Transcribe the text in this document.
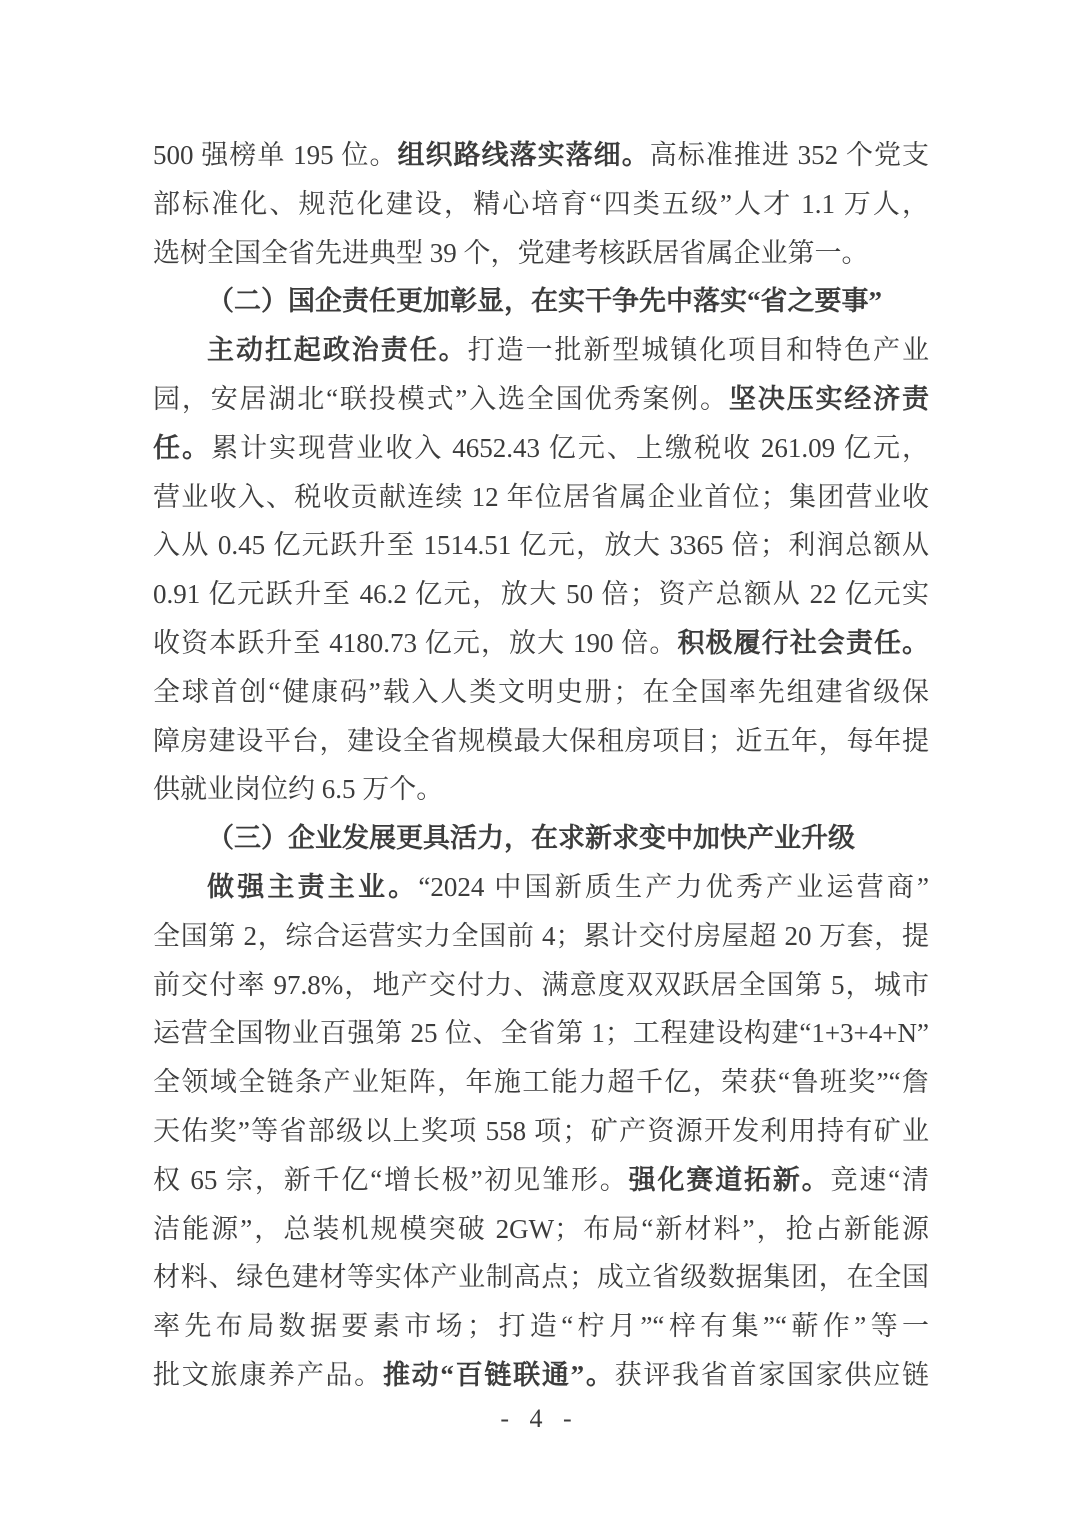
500 强榜单 195 位。组织路线落实落细。高标准推进 352 个党支
部标准化、规范化建设，精心培育“四类五级”人才 1.1 万人，
选树全国全省先进典型 39 个，党建考核跃居省属企业第一。
（二）国企责任更加彰显，在实干争先中落实“省之要事”
主动扛起政治责任。打造一批新型城镇化项目和特色产业
园，安居湖北“联投模式”入选全国优秀案例。坚决压实经济责
任。累计实现营业收入 4652.43 亿元、上缴税收 261.09 亿元，
营业收入、税收贡献连续 12 年位居省属企业首位；集团营业收
入从 0.45 亿元跃升至 1514.51 亿元，放大 3365 倍；利润总额从
0.91 亿元跃升至 46.2 亿元，放大 50 倍；资产总额从 22 亿元实
收资本跃升至 4180.73 亿元，放大 190 倍。积极履行社会责任。
全球首创“健康码”载入人类文明史册；在全国率先组建省级保
障房建设平台，建设全省规模最大保租房项目；近五年，每年提
供就业岗位约 6.5 万个。
（三）企业发展更具活力，在求新求变中加快产业升级
做强主责主业。“2024 中国新质生产力优秀产业运营商”
全国第 2，综合运营实力全国前 4；累计交付房屋超 20 万套，提
前交付率 97.8%，地产交付力、满意度双双跃居全国第 5，城市
运营全国物业百强第 25 位、全省第 1；工程建设构建“1+3+4+N”
全领域全链条产业矩阵，年施工能力超千亿，荣获“鲁班奖”“詹
天佑奖”等省部级以上奖项 558 项；矿产资源开发利用持有矿业
权 65 宗，新千亿“增长极”初见雏形。强化赛道拓新。竞速“清
洁能源”，总装机规模突破 2GW；布局“新材料”，抢占新能源
材料、绿色建材等实体产业制高点；成立省级数据集团，在全国
率先布局数据要素市场；打造“柠月”“梓有集”“蕲作”等一
批文旅康养产品。推动“百链联通”。获评我省首家国家供应链
- 4 -
